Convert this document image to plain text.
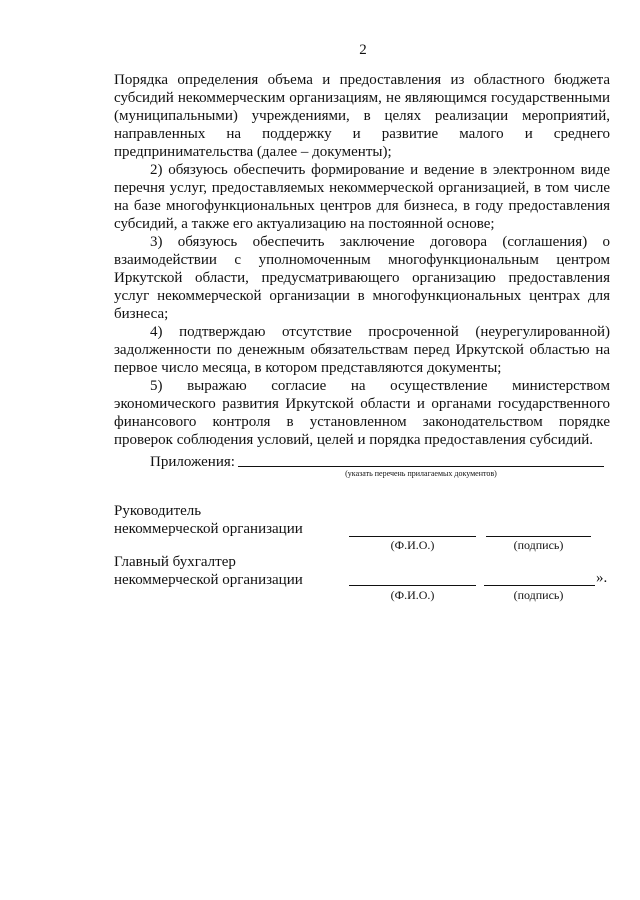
2

Порядка определения объема и предоставления из областного бюджета субсидий некоммерческим организациям, не являющимся государственными (муниципальными) учреждениями, в целях реализации мероприятий, направленных на поддержку и развитие малого и среднего предпринимательства (далее – документы);

2) обязуюсь обеспечить формирование и ведение в электронном виде перечня услуг, предоставляемых некоммерческой организацией, в том числе на базе многофункциональных центров для бизнеса, в году предоставления субсидий, а также его актуализацию на постоянной основе;

3) обязуюсь обеспечить заключение договора (соглашения) о взаимодействии с уполномоченным многофункциональным центром Иркутской области, предусматривающего организацию предоставления услуг некоммерческой организации в многофункциональных центрах для бизнеса;

4) подтверждаю отсутствие просроченной (неурегулированной) задолженности по денежным обязательствам перед Иркутской областью на первое число месяца, в котором представляются документы;

5) выражаю согласие на осуществление министерством экономического развития Иркутской области и органами государственного финансового контроля в установленном законодательством порядке проверок соблюдения условий, целей и порядка предоставления субсидий.

Приложения:
(указать перечень прилагаемых документов)
Руководитель
некоммерческой организации
(Ф.И.О.)	(подпись)
Главный бухгалтер
некоммерческой организации	».
(Ф.И.О.)	(подпись)
